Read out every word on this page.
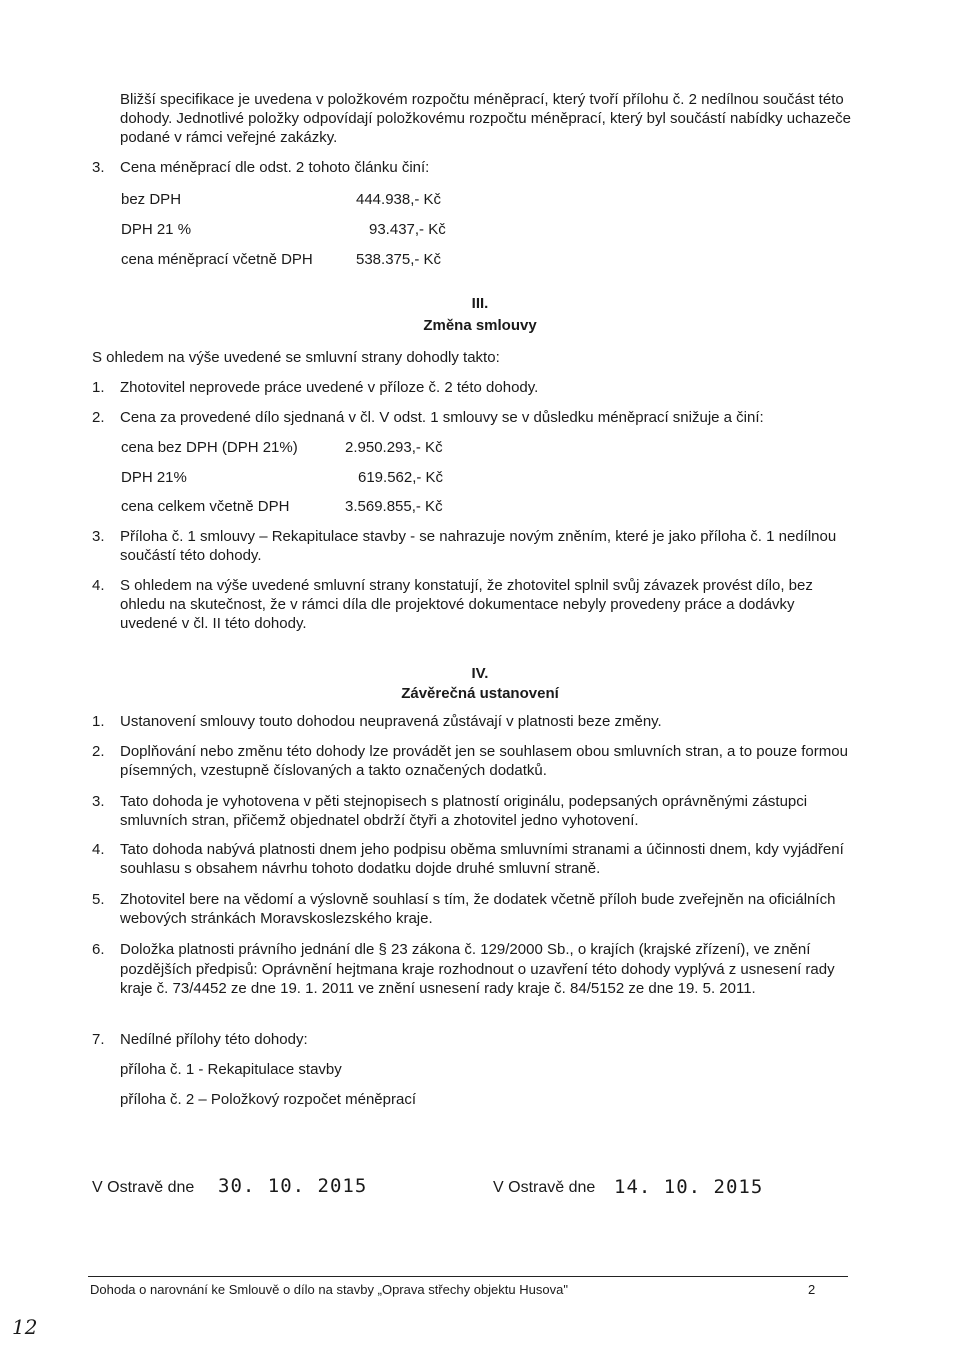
Bližší specifikace je uvedena v položkovém rozpočtu méněprací, který tvoří přílohu č. 2 nedílnou součást této dohody. Jednotlivé položky odpovídají položkovému rozpočtu méněprací, který byl součástí nabídky uchazeče podané v rámci veřejné zakázky.
3.	Cena méněprací dle odst. 2 tohoto článku činí:
bez DPH	444.938,- Kč
DPH 21 %	93.437,- Kč
cena méněprací včetně DPH	538.375,- Kč
III.
Změna smlouvy
S ohledem na výše uvedené se smluvní strany dohodly takto:
1.	Zhotovitel neprovede práce uvedené v příloze č. 2 této dohody.
2.	Cena za provedené dílo sjednaná v čl. V odst. 1 smlouvy se v důsledku méněprací snižuje a činí:
cena bez DPH (DPH 21%)	2.950.293,- Kč
DPH 21%	619.562,- Kč
cena celkem včetně DPH	3.569.855,- Kč
3.	Příloha č. 1 smlouvy – Rekapitulace stavby - se nahrazuje novým zněním, které je jako příloha č. 1 nedílnou součástí této dohody.
4.	S ohledem na výše uvedené smluvní strany konstatují, že zhotovitel splnil svůj závazek provést dílo, bez ohledu na skutečnost, že v rámci díla dle projektové dokumentace nebyly provedeny práce a dodávky uvedené v čl. II této dohody.
IV.
Závěrečná ustanovení
1.	Ustanovení smlouvy touto dohodou neupravená zůstávají v platnosti beze změny.
2.	Doplňování nebo změnu této dohody lze provádět jen se souhlasem obou smluvních stran, a to pouze formou písemných, vzestupně číslovaných a takto označených dodatků.
3.	Tato dohoda je vyhotovena v pěti stejnopisech s platností originálu, podepsaných oprávněnými zástupci smluvních stran, přičemž objednatel obdrží čtyři a zhotovitel jedno vyhotovení.
4.	Tato dohoda nabývá platnosti dnem jeho podpisu oběma smluvními stranami a účinnosti dnem, kdy vyjádření souhlasu s obsahem návrhu tohoto dodatku dojde druhé smluvní straně.
5.	Zhotovitel bere na vědomí a výslovně souhlasí s tím, že dodatek včetně příloh bude zveřejněn na oficiálních webových stránkách Moravskoslezského kraje.
6.	Doložka platnosti právního jednání dle § 23 zákona č. 129/2000 Sb., o krajích (krajské zřízení), ve znění pozdějších předpisů: Oprávnění hejtmana kraje rozhodnout o uzavření této dohody vyplývá z usnesení rady kraje č. 73/4452 ze dne 19. 1. 2011 ve znění usnesení rady kraje č. 84/5152 ze dne 19. 5. 2011.
7.	Nedílné přílohy této dohody:
příloha č. 1 - Rekapitulace stavby
příloha č. 2 – Položkový rozpočet méněprací
V Ostravě dne 30. 10. 2015	V Ostravě dne 14. 10. 2015
Dohoda o narovnání ke Smlouvě o dílo na stavby „Oprava střechy objektu Husova"	2
12
